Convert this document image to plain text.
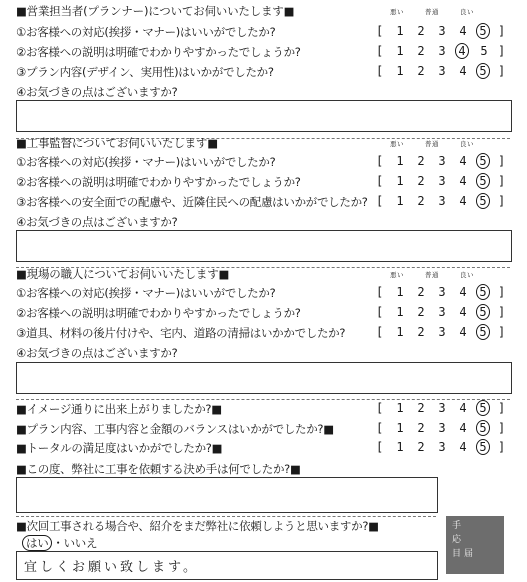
■営業担当者(プランナー)についてお伺いいたします■	悪い	普通	良い
①お客様への対応(挨拶・マナー)はいいがでしたか?	[ 1 2 3 4 5 ]
②お客様への説明は明確でわかりやすかったでしょうか?	[ 1 2 3 4 5 ]
③プラン内容(デザイン、実用性)はいかがでしたか?	[ 1 2 3 4 5 ]
④お気づきの点はございますか?
■工事監督についてお伺いいたします■	悪い	普通	良い
①お客様への対応(挨拶・マナー)はいいがでしたか?	[ 1 2 3 4 5 ]
②お客様への説明は明確でわかりやすかったでしょうか?	[ 1 2 3 4 5 ]
③お客様への安全面での配慮や、近隣住民への配慮はいかがでしたか? [ 1 2 3 4 5 ]
④お気づきの点はございますか?
■現場の職人についてお伺いいたします■	悪い	普通	良い
①お客様への対応(挨拶・マナー)はいいがでしたか?	[ 1 2 3 4 5 ]
②お客様への説明は明確でわかりやすかったでしょうか?	[ 1 2 3 4 5 ]
③道具、材料の後片付けや、宅内、道路の清掃はいかかでしたか?	[ 1 2 3 4 5 ]
④お気づきの点はございますか?
■イメージ通りに出来上がりましたか?■	[ 1 2 3 4 5 ]
■プラン内容、工事内容と金額のバランスはいかがでしたか?■	[ 1 2 3 4 5 ]
■トータルの満足度はいかがでしたか?■	[ 1 2 3 4 5 ]
■この度、弊社に工事を依頼する決め手は何でしたか?■
■次回工事される場合や、紹介をまだ弊社に依頼しようと思いますか?■
はい ・いいえ
宜しくお願い致します。
手
応
目 届
